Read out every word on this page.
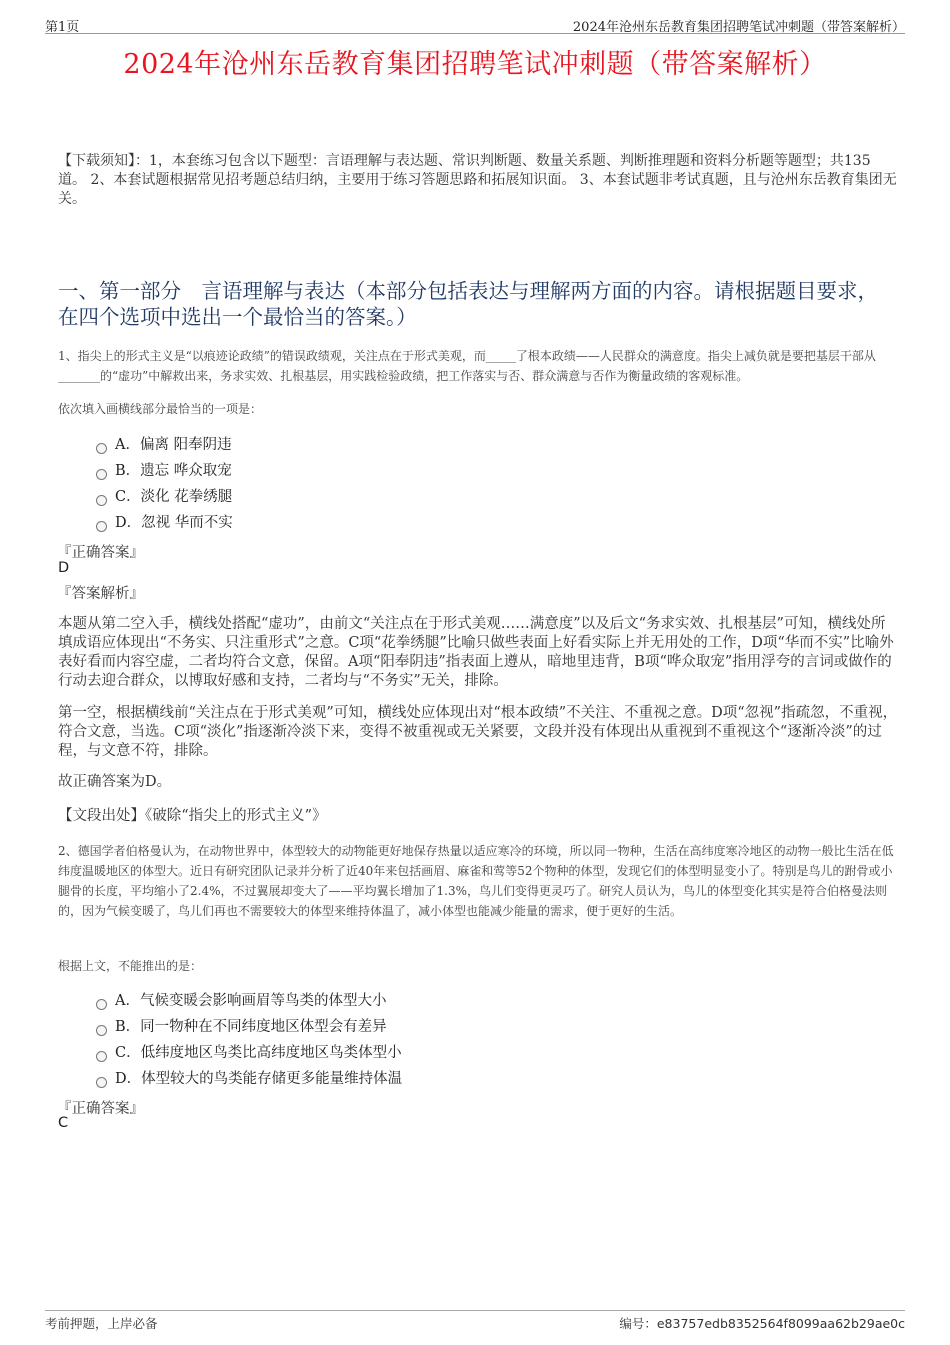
第1页	2024年沧州东岳教育集团招聘笔试冲刺题（带答案解析）
2024年沧州东岳教育集团招聘笔试冲刺题（带答案解析）
【下载须知】：1，本套练习包含以下题型：言语理解与表达题、常识判断题、数量关系题、判断推理题和资料分析题等题型；共135道。 2、本套试题根据常见招考题总结归纳，主要用于练习答题思路和拓展知识面。 3、本套试题非考试真题，且与沧州东岳教育集团无关。
一、第一部分　言语理解与表达（本部分包括表达与理解两方面的内容。请根据题目要求，在四个选项中选出一个最恰当的答案。）
1、指尖上的形式主义是“以痕迹论政绩”的错误政绩观，关注点在于形式美观，而_____了根本政绩——人民群众的满意度。指尖上减负就是要把基层干部从_______的“虚功”中解救出来，务求实效、扎根基层，用实践检验政绩，把工作落实与否、群众满意与否作为衡量政绩的客观标准。
依次填入画横线部分最恰当的一项是：
A．偏离 阳奉阴违
B．遗忘 哗众取宠
C．淡化 花拳绣腿
D．忽视 华而不实
『正确答案』
D
『答案解析』
本题从第二空入手，横线处搭配“虚功”，由前文“关注点在于形式美观……满意度”以及后文“务求实效、扎根基层”可知，横线处所填成语应体现出“不务实、只注重形式”之意。C项“花拳绣腿”比喻只做些表面上好看实际上并无用处的工作，D项“华而不实”比喻外表好看而内容空虚，二者均符合文意，保留。A项“阳奉阴违”指表面上遵从，暗地里违背，B项“哗众取宠”指用浮夸的言词或做作的行动去迎合群众，以博取好感和支持，二者均与“不务实”无关，排除。
第一空，根据横线前“关注点在于形式美观”可知，横线处应体现出对“根本政绩”不关注、不重视之意。D项“忽视”指疏忽，不重视，符合文意，当选。C项“淡化”指逐渐冷淡下来，变得不被重视或无关紧要，文段并没有体现出从重视到不重视这个“逐渐冷淡”的过程，与文意不符，排除。
故正确答案为D。
【文段出处】《破除“指尖上的形式主义”》
2、德国学者伯格曼认为，在动物世界中，体型较大的动物能更好地保存热量以适应寒冷的环境，所以同一物种，生活在高纬度寒冷地区的动物一般比生活在低纬度温暖地区的体型大。近日有研究团队记录并分析了近40年来包括画眉、麻雀和莺等52个物种的体型，发现它们的体型明显变小了。特别是鸟儿的跗骨或小腿骨的长度，平均缩小了2.4%，不过翼展却变大了——平均翼长增加了1.3%，鸟儿们变得更灵巧了。研究人员认为，鸟儿的体型变化其实是符合伯格曼法则的，因为气候变暖了，鸟儿们再也不需要较大的体型来维持体温了，减小体型也能减少能量的需求，便于更好的生活。
根据上文，不能推出的是：
A．气候变暖会影响画眉等鸟类的体型大小
B．同一物种在不同纬度地区体型会有差异
C．低纬度地区鸟类比高纬度地区鸟类体型小
D．体型较大的鸟类能存储更多能量维持体温
『正确答案』
C
考前押题，上岸必备	编号：e83757edb8352564f8099aa62b29ae0c
